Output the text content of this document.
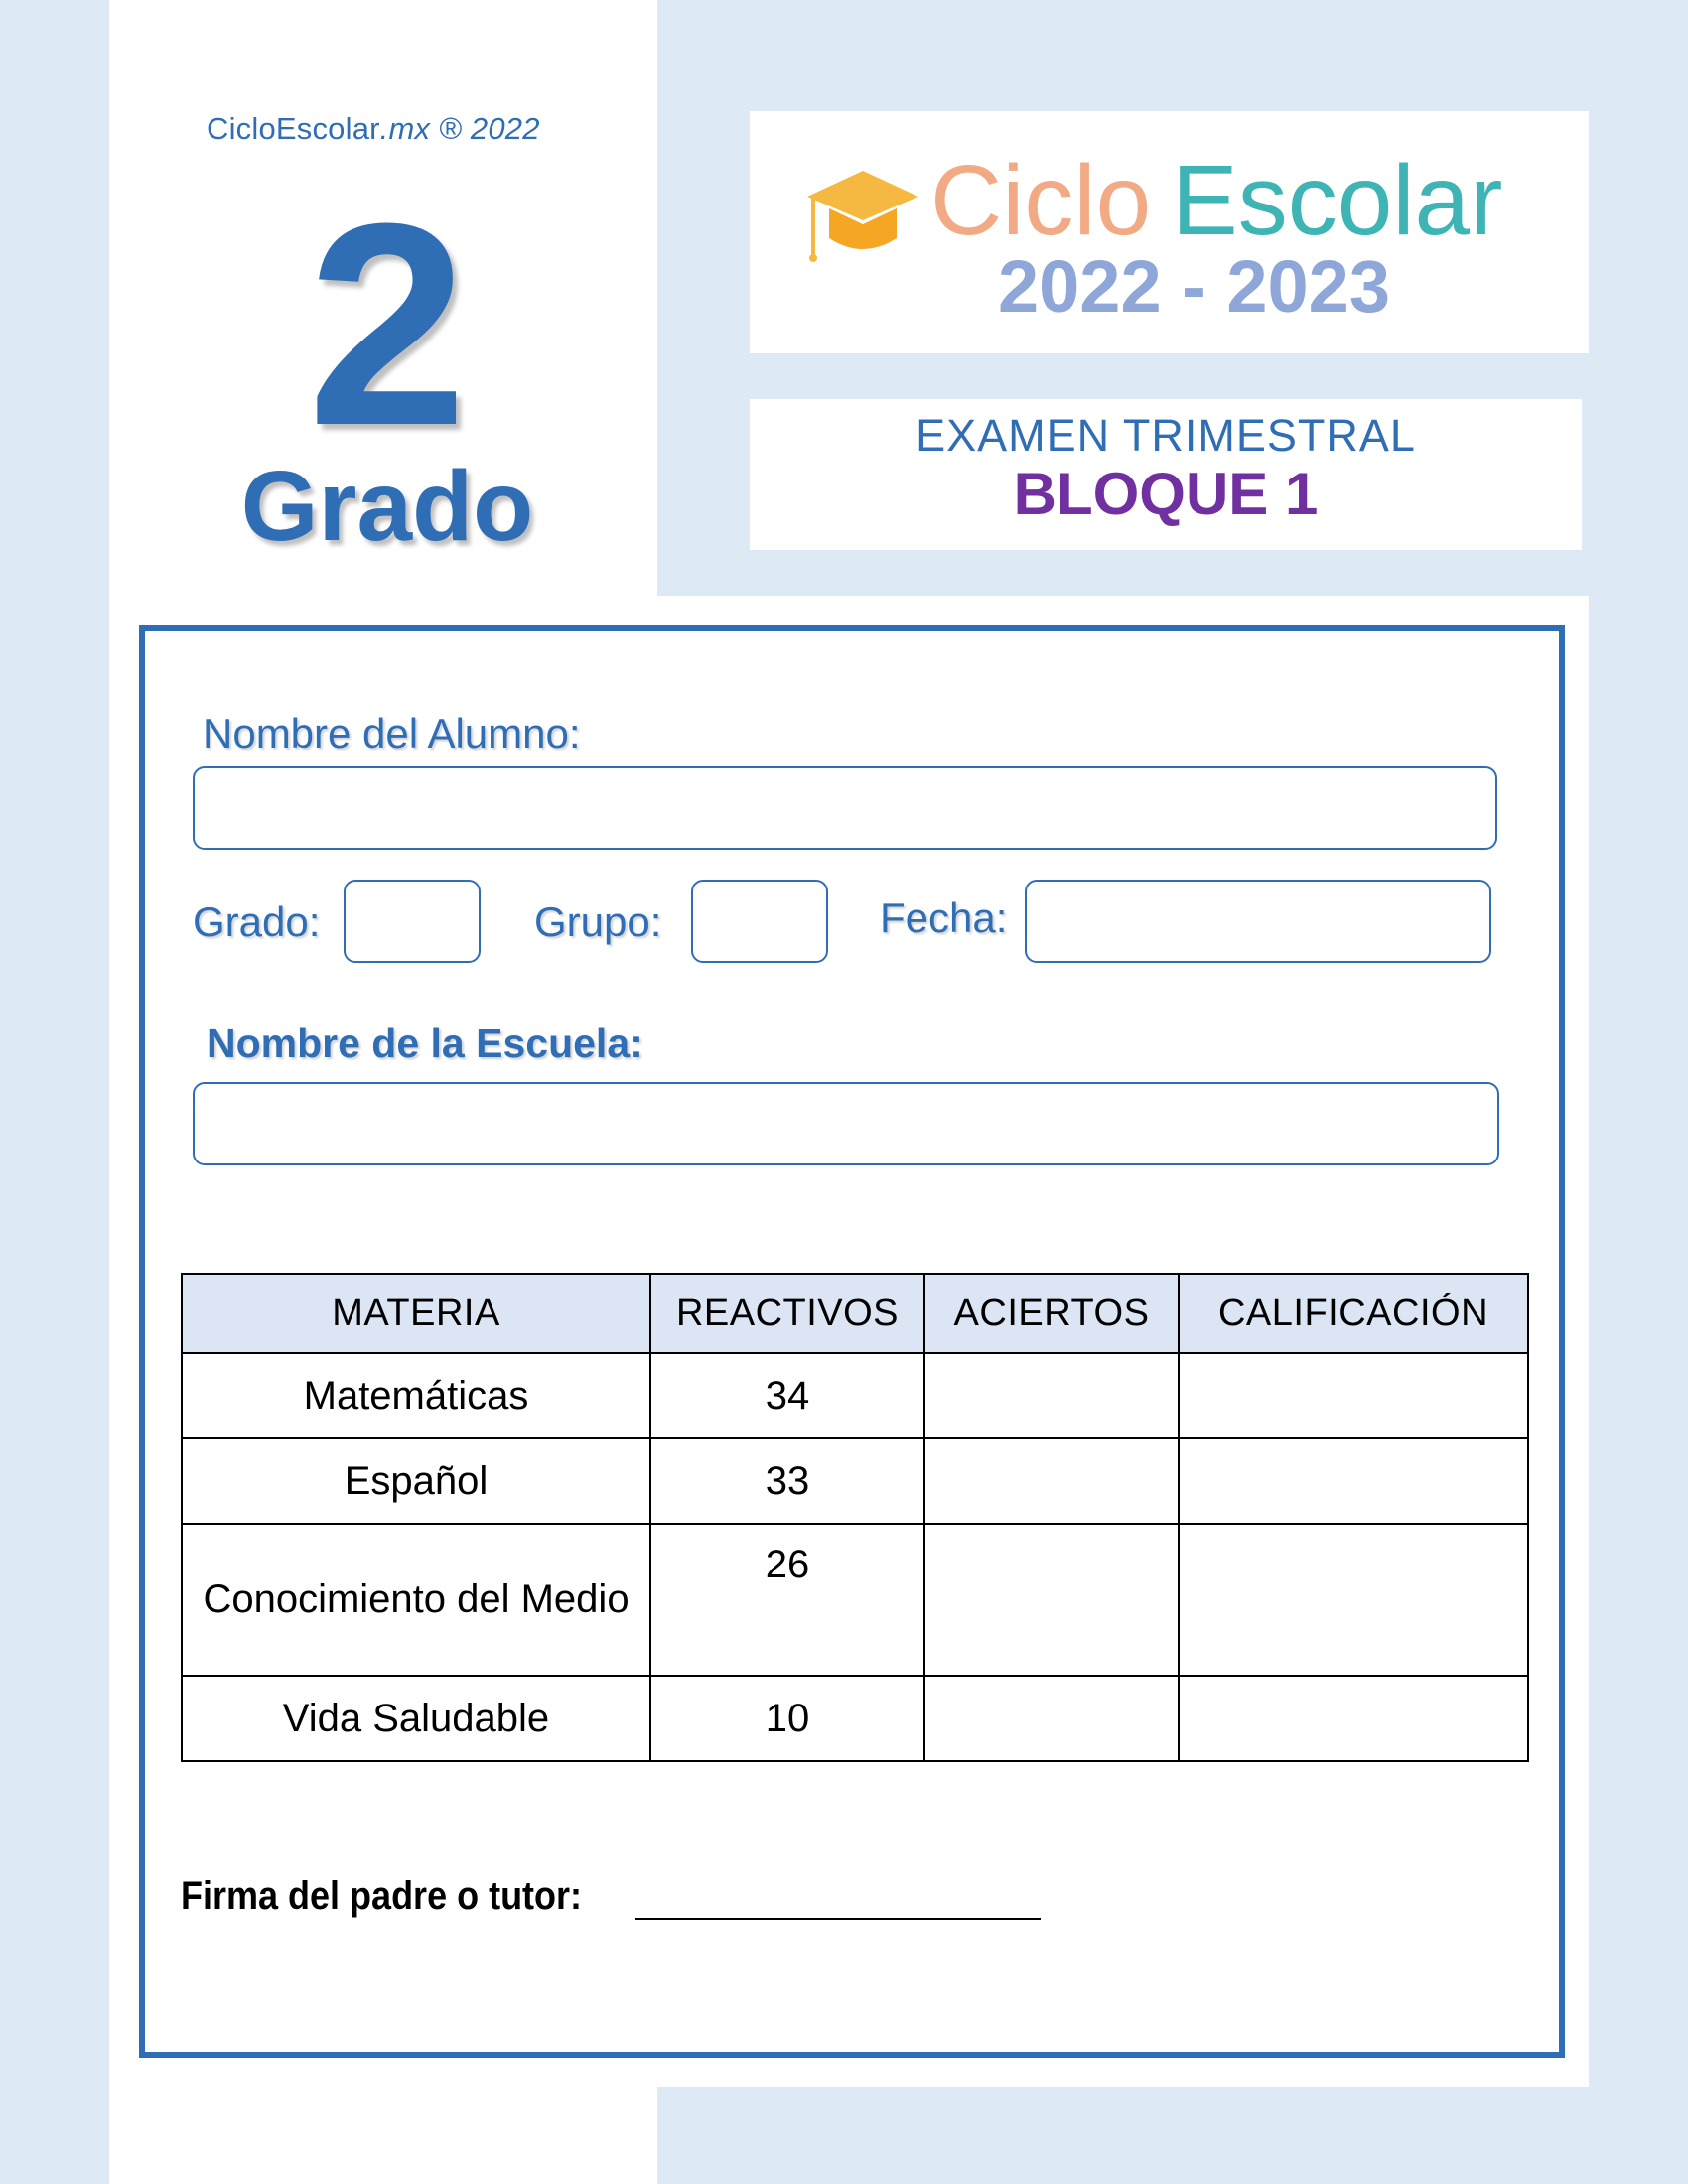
CicloEscolar.mx ® 2022
2
Grado
Ciclo Escolar
2022 - 2023
EXAMEN TRIMESTRAL
BLOQUE 1
Nombre del Alumno:
Grado:	Grupo:	Fecha:
Nombre de la Escuela:
MATERIA	REACTIVOS	ACIERTOS	CALIFICACIÓN
Matemáticas	34		
Español	33		
Conocimiento del Medio	26		
Vida Saludable	10		
Firma del padre o tutor:
